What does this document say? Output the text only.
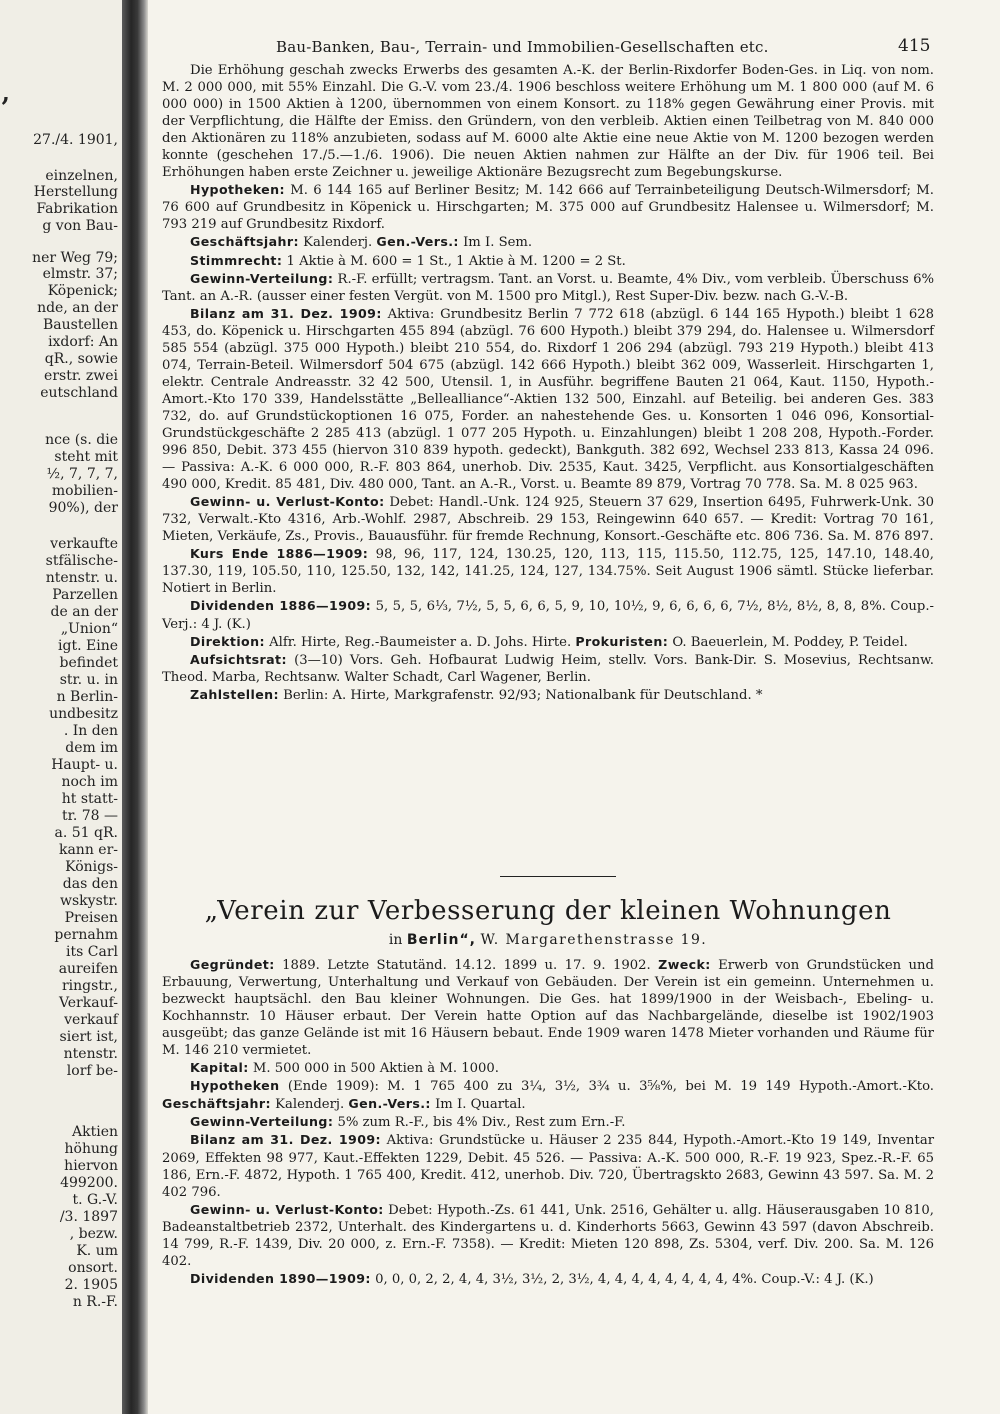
,
27./4. 1901,
einzelnen,
Herstellung
Fabrikation
g von Bau-
ner Weg 79;
elmstr. 37;
Köpenick;
nde, an der
Baustellen
ixdorf: An
qR., sowie
erstr. zwei
eutschland
nce (s. die
steht mit
½, 7, 7, 7,
mobilien-
90%), der
verkaufte
stfälische-
ntenstr. u.
Parzellen
de an der
„Union“
igt. Eine
befindet
str. u. in
n Berlin-
undbesitz
. In den
dem im
Haupt- u.
noch im
ht statt-
tr. 78 —
a. 51 qR.
kann er-
Königs-
das den
wskystr.
Preisen
pernahm
its Carl
aureifen
ringstr.,
Verkauf-
verkauf
siert ist,
ntenstr.
lorf be-
Aktien
höhung
hiervon
499200.
t. G.-V.
/3. 1897
, bezw.
K. um
onsort.
2. 1905
n R.-F.
Bau-Banken, Bau-, Terrain- und Immobilien-Gesellschaften etc.	415

Die Erhöhung geschah zwecks Erwerbs des gesamten A.-K. der Berlin-Rixdorfer Boden-Ges. in Liq. von nom. M. 2 000 000, mit 55% Einzahl. Die G.-V. vom 23./4. 1906 beschloss weitere Erhöhung um M. 1 800 000 (auf M. 6 000 000) in 1500 Aktien à 1200, übernommen von einem Konsort. zu 118% gegen Gewährung einer Provis. mit der Verpflichtung, die Hälfte der Emiss. den Gründern, von den verbleib. Aktien einen Teilbetrag von M. 840 000 den Aktionären zu 118% anzubieten, sodass auf M. 6000 alte Aktie eine neue Aktie von M. 1200 bezogen werden konnte (geschehen 17./5.—1./6. 1906). Die neuen Aktien nahmen zur Hälfte an der Div. für 1906 teil. Bei Erhöhungen haben erste Zeichner u. jeweilige Aktionäre Bezugsrecht zum Begebungskurse.

Hypotheken: M. 6 144 165 auf Berliner Besitz; M. 142 666 auf Terrainbeteiligung Deutsch-Wilmersdorf; M. 76 600 auf Grundbesitz in Köpenick u. Hirschgarten; M. 375 000 auf Grundbesitz Halensee u. Wilmersdorf; M. 793 219 auf Grundbesitz Rixdorf.

Geschäftsjahr: Kalenderj. Gen.-Vers.: Im I. Sem.

Stimmrecht: 1 Aktie à M. 600 = 1 St., 1 Aktie à M. 1200 = 2 St.

Gewinn-Verteilung: R.-F. erfüllt; vertragsm. Tant. an Vorst. u. Beamte, 4% Div., vom verbleib. Überschuss 6% Tant. an A.-R. (ausser einer festen Vergüt. von M. 1500 pro Mitgl.), Rest Super-Div. bezw. nach G.-V.-B.

Bilanz am 31. Dez. 1909: Aktiva: Grundbesitz Berlin 7 772 618 (abzügl. 6 144 165 Hypoth.) bleibt 1 628 453, do. Köpenick u. Hirschgarten 455 894 (abzügl. 76 600 Hypoth.) bleibt 379 294, do. Halensee u. Wilmersdorf 585 554 (abzügl. 375 000 Hypoth.) bleibt 210 554, do. Rixdorf 1 206 294 (abzügl. 793 219 Hypoth.) bleibt 413 074, Terrain-Beteil. Wilmersdorf 504 675 (abzügl. 142 666 Hypoth.) bleibt 362 009, Wasserleit. Hirschgarten 1, elektr. Centrale Andreasstr. 32 42 500, Utensil. 1, in Ausführ. begriffene Bauten 21 064, Kaut. 1150, Hypoth.-Amort.-Kto 170 339, Handelsstätte „Bellealliance“-Aktien 132 500, Einzahl. auf Beteilig. bei anderen Ges. 383 732, do. auf Grundstückoptionen 16 075, Forder. an nahestehende Ges. u. Konsorten 1 046 096, Konsortial-Grundstückgeschäfte 2 285 413 (abzügl. 1 077 205 Hypoth. u. Einzahlungen) bleibt 1 208 208, Hypoth.-Forder. 996 850, Debit. 373 455 (hiervon 310 839 hypoth. gedeckt), Bankguth. 382 692, Wechsel 233 813, Kassa 24 096. — Passiva: A.-K. 6 000 000, R.-F. 803 864, unerhob. Div. 2535, Kaut. 3425, Verpflicht. aus Konsortialgeschäften 490 000, Kredit. 85 481, Div. 480 000, Tant. an A.-R., Vorst. u. Beamte 89 879, Vortrag 70 778. Sa. M. 8 025 963.

Gewinn- u. Verlust-Konto: Debet: Handl.-Unk. 124 925, Steuern 37 629, Insertion 6495, Fuhrwerk-Unk. 30 732, Verwalt.-Kto 4316, Arb.-Wohlf. 2987, Abschreib. 29 153, Reingewinn 640 657. — Kredit: Vortrag 70 161, Mieten, Verkäufe, Zs., Provis., Bauausführ. für fremde Rechnung, Konsort.-Geschäfte etc. 806 736. Sa. M. 876 897.

Kurs Ende 1886—1909: 98, 96, 117, 124, 130.25, 120, 113, 115, 115.50, 112.75, 125, 147.10, 148.40, 137.30, 119, 105.50, 110, 125.50, 132, 142, 141.25, 124, 127, 134.75%. Seit August 1906 sämtl. Stücke lieferbar. Notiert in Berlin.

Dividenden 1886—1909: 5, 5, 5, 6⅓, 7½, 5, 5, 6, 6, 5, 9, 10, 10½, 9, 6, 6, 6, 6, 7½, 8½, 8½, 8, 8, 8%. Coup.-Verj.: 4 J. (K.)

Direktion: Alfr. Hirte, Reg.-Baumeister a. D. Johs. Hirte. Prokuristen: O. Baeuerlein, M. Poddey, P. Teidel.

Aufsichtsrat: (3—10) Vors. Geh. Hofbaurat Ludwig Heim, stellv. Vors. Bank-Dir. S. Mosevius, Rechtsanw. Theod. Marba, Rechtsanw. Walter Schadt, Carl Wagener, Berlin.

Zahlstellen: Berlin: A. Hirte, Markgrafenstr. 92/93; Nationalbank für Deutschland. *

„Verein zur Verbesserung der kleinen Wohnungen
in Berlin“, W. Margarethenstrasse 19.

Gegründet: 1889. Letzte Statutänd. 14.12. 1899 u. 17. 9. 1902. Zweck: Erwerb von Grundstücken und Erbauung, Verwertung, Unterhaltung und Verkauf von Gebäuden. Der Verein ist ein gemeinn. Unternehmen u. bezweckt hauptsächl. den Bau kleiner Wohnungen. Die Ges. hat 1899/1900 in der Weisbach-, Ebeling- u. Kochhannstr. 10 Häuser erbaut. Der Verein hatte Option auf das Nachbargelände, dieselbe ist 1902/1903 ausgeübt; das ganze Gelände ist mit 16 Häusern bebaut. Ende 1909 waren 1478 Mieter vorhanden und Räume für M. 146 210 vermietet.

Kapital: M. 500 000 in 500 Aktien à M. 1000.

Hypotheken (Ende 1909): M. 1 765 400 zu 3¼, 3½, 3¾ u. 3⅝%, bei M. 19 149 Hypoth.-Amort.-Kto. Geschäftsjahr: Kalenderj. Gen.-Vers.: Im I. Quartal.

Gewinn-Verteilung: 5% zum R.-F., bis 4% Div., Rest zum Ern.-F.

Bilanz am 31. Dez. 1909: Aktiva: Grundstücke u. Häuser 2 235 844, Hypoth.-Amort.-Kto 19 149, Inventar 2069, Effekten 98 977, Kaut.-Effekten 1229, Debit. 45 526. — Passiva: A.-K. 500 000, R.-F. 19 923, Spez.-R.-F. 65 186, Ern.-F. 4872, Hypoth. 1 765 400, Kredit. 412, unerhob. Div. 720, Übertragskto 2683, Gewinn 43 597. Sa. M. 2 402 796.

Gewinn- u. Verlust-Konto: Debet: Hypoth.-Zs. 61 441, Unk. 2516, Gehälter u. allg. Häuserausgaben 10 810, Badeanstaltbetrieb 2372, Unterhalt. des Kindergartens u. d. Kinderhorts 5663, Gewinn 43 597 (davon Abschreib. 14 799, R.-F. 1439, Div. 20 000, z. Ern.-F. 7358). — Kredit: Mieten 120 898, Zs. 5304, verf. Div. 200. Sa. M. 126 402.

Dividenden 1890—1909: 0, 0, 0, 2, 2, 4, 4, 3½, 3½, 2, 3½, 4, 4, 4, 4, 4, 4, 4, 4, 4%. Coup.-V.: 4 J. (K.)
